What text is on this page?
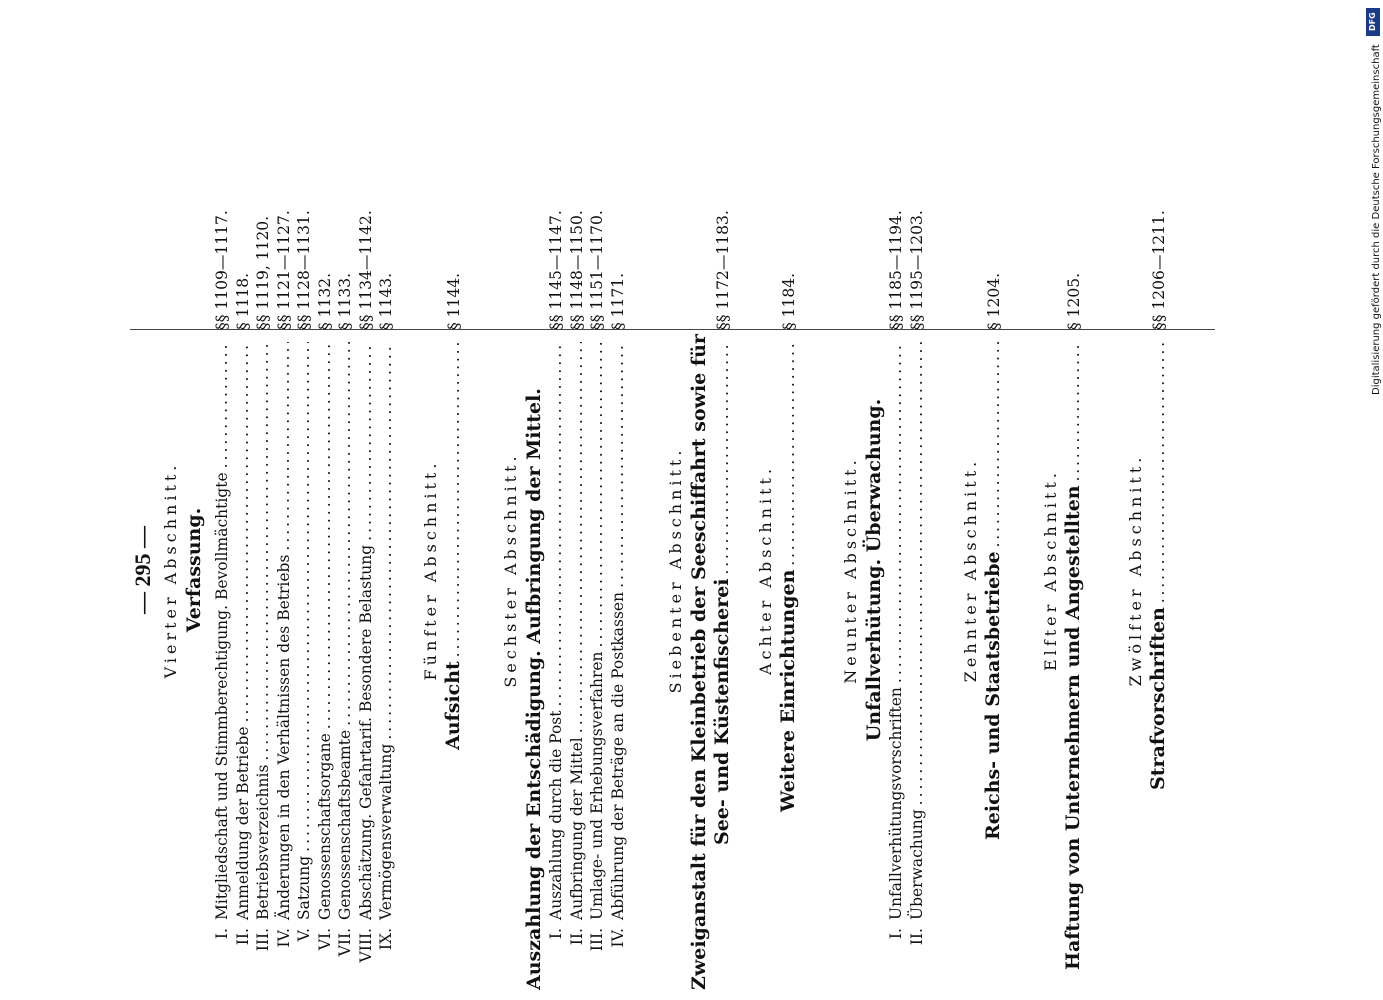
— 295 — Vierter Abschnitt. Verfassung.
I.
Mitgliedschaft und Stimmberechtigung. Bevollmächtigte
.....
§§ 1109—1117.
II.
Anmeldung der Betriebe
.....
§ 1118.
III.
Betriebsverzeichnis
.....
§§ 1119, 1120.
IV.
Änderungen in den Verhältnissen des Betriebs
.....
§§ 1121—1127.
V.
Satzung
.....
§§ 1128—1131.
VI.
Genossenschaftsorgane
.....
§ 1132.
VII.
Genossenschaftsbeamte
.....
§ 1133.
VIII.
Abschätzung. Gefahrtarif. Besondere Belastung
.....
§§ 1134—1142.
IX.
Vermögensverwaltung
.....
§ 1143.
Fünfter Abschnitt.
Aufsicht
.....
§ 1144.
Sechster Abschnitt. Auszahlung der Entschädigung. Aufbringung der Mittel. I.
Auszahlung durch die Post
.....
§§ 1145—1147.
II.
Aufbringung der Mittel
.....
§§ 1148—1150.
III.
Umlage- und Erhebungsverfahren
.....
§§ 1151—1170.
IV.
Abführung der Beträge an die Postkassen
.....
§ 1171.
Siebenter Abschnitt. Zweiganstalt für den Kleinbetrieb der Seeschiffahrt sowie für See- und Küstenfischerei
.....
§§ 1172—1183.
Achter Abschnitt. Weitere Einrichtungen
.....
§ 1184.
Neunter Abschnitt. Unfallverhütung. Überwachung.
I.
Unfallverhütungsvorschriften
.....
§§ 1185—1194.
II.
Überwachung
.....
§§ 1195—1203.
Zehnter Abschnitt. Reichs- und Staatsbetriebe
.....
§ 1204.
Elfter Abschnitt. Haftung von Unternehmern und Angestellten
.....
§ 1205.
Zwölfter Abschnitt.
Strafvorschriften
.....
§§ 1206—1211.
DFG
Digitalisierung gefördert durch die Deutsche Forschungsgemeinschaft
